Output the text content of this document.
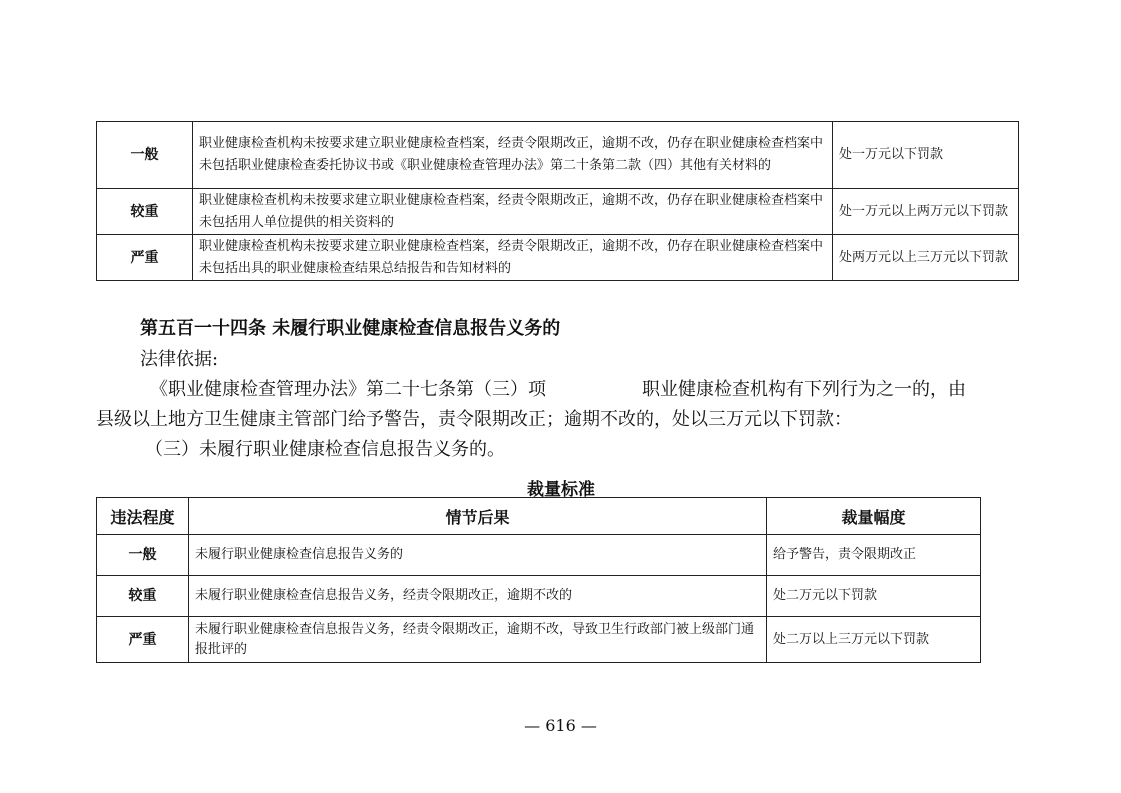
一般	职业健康检查机构未按要求建立职业健康检查档案，经责令限期改正，逾期不改，仍存在职业健康检查档案中未包括职业健康检查委托协议书或《职业健康检查管理办法》第二十条第二款（四）其他有关材料的	处一万元以下罚款
较重	职业健康检查机构未按要求建立职业健康检查档案，经责令限期改正，逾期不改，仍存在职业健康检查档案中未包括用人单位提供的相关资料的	处一万元以上两万元以下罚款
严重	职业健康检查机构未按要求建立职业健康检查档案，经责令限期改正，逾期不改，仍存在职业健康检查档案中未包括出具的职业健康检查结果总结报告和告知材料的	处两万元以上三万元以下罚款
第五百一十四条 未履行职业健康检查信息报告义务的
法律依据:
《职业健康检查管理办法》第二十七条第（三）项	职业健康检查机构有下列行为之一的，由
县级以上地方卫生健康主管部门给予警告，责令限期改正；逾期不改的，处以三万元以下罚款：
（三）未履行职业健康检查信息报告义务的。
裁量标准
违法程度	情节后果	裁量幅度
一般	未履行职业健康检查信息报告义务的	给予警告，责令限期改正
较重	未履行职业健康检查信息报告义务，经责令限期改正，逾期不改的	处二万元以下罚款
严重	未履行职业健康检查信息报告义务，经责令限期改正，逾期不改，导致卫生行政部门被上级部门通报批评的	处二万以上三万元以下罚款
— 616 —
